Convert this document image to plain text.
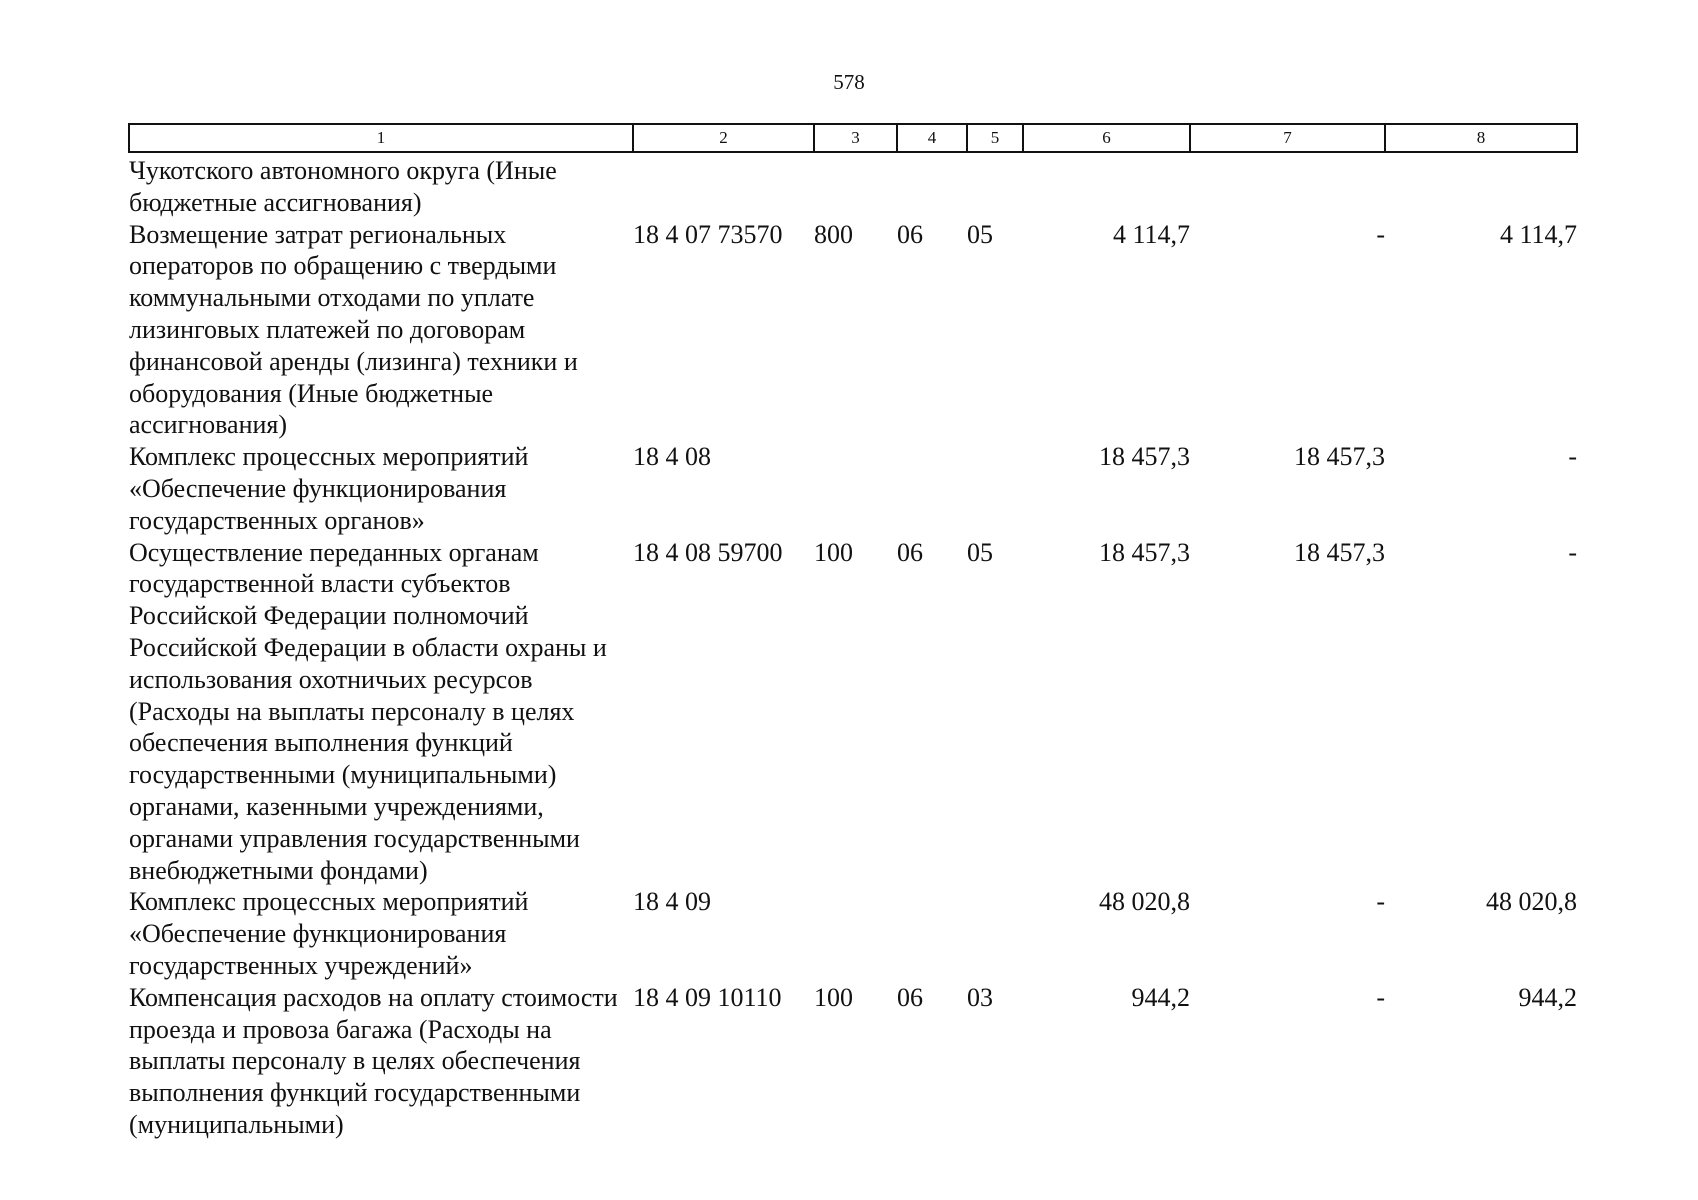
578
1	2	3	4	5	6	7	8
Чукотского автономного округа (Иные бюджетные ассигнования)							
Возмещение затрат региональных операторов по обращению с твердыми коммунальными отходами по уплате лизинговых платежей по договорам финансовой аренды (лизинга) техники и оборудования (Иные бюджетные ассигнования)	18 4 07 73570	800	06	05	4 114,7	-	4 114,7
Комплекс процессных мероприятий «Обеспечение функционирования государственных органов»	18 4 08				18 457,3	18 457,3	-
Осуществление переданных органам государственной власти субъектов Российской Федерации полномочий Российской Федерации в области охраны и использования охотничьих ресурсов (Расходы на выплаты персоналу в целях обеспечения выполнения функций государственными (муниципальными) органами, казенными учреждениями, органами управления государственными внебюджетными фондами)	18 4 08 59700	100	06	05	18 457,3	18 457,3	-
Комплекс процессных мероприятий «Обеспечение функционирования государственных учреждений»	18 4 09				48 020,8	-	48 020,8
Компенсация расходов на оплату стоимости проезда и провоза багажа (Расходы на выплаты персоналу в целях обеспечения выполнения функций государственными (муниципальными)	18 4 09 10110	100	06	03	944,2	-	944,2
